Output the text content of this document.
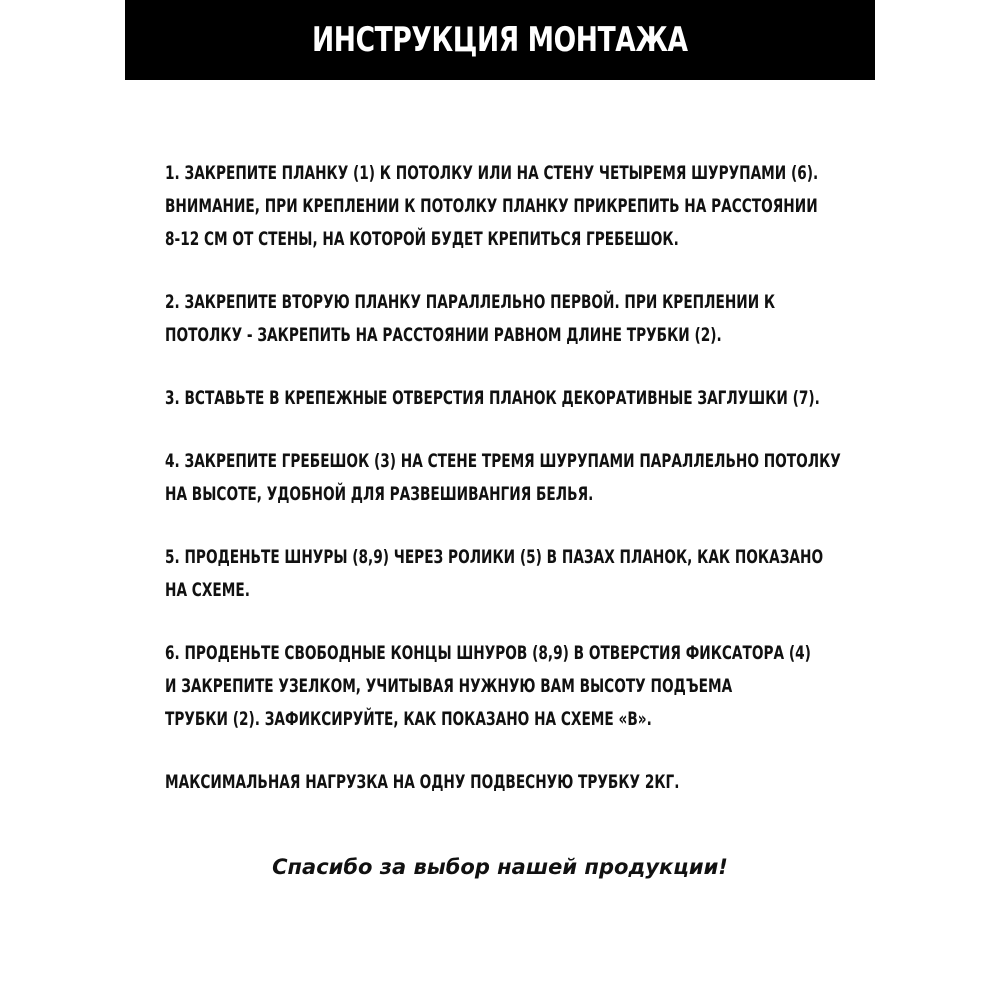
ИНСТРУКЦИЯ МОНТАЖА
1. ЗАКРЕПИТЕ ПЛАНКУ (1) К ПОТОЛКУ ИЛИ НА СТЕНУ ЧЕТЫРЕМЯ ШУРУПАМИ (6).
ВНИМАНИЕ, ПРИ КРЕПЛЕНИИ К ПОТОЛКУ ПЛАНКУ ПРИКРЕПИТЬ НА РАССТОЯНИИ
8-12 СМ ОТ СТЕНЫ, НА КОТОРОЙ БУДЕТ КРЕПИТЬСЯ ГРЕБЕШОК.
2. ЗАКРЕПИТЕ ВТОРУЮ ПЛАНКУ ПАРАЛЛЕЛЬНО ПЕРВОЙ. ПРИ КРЕПЛЕНИИ К
ПОТОЛКУ - ЗАКРЕПИТЬ НА РАССТОЯНИИ РАВНОМ ДЛИНЕ ТРУБКИ (2).
3. ВСТАВЬТЕ В КРЕПЕЖНЫЕ ОТВЕРСТИЯ ПЛАНОК ДЕКОРАТИВНЫЕ ЗАГЛУШКИ (7).
4. ЗАКРЕПИТЕ ГРЕБЕШОК (3) НА СТЕНЕ ТРЕМЯ ШУРУПАМИ ПАРАЛЛЕЛЬНО ПОТОЛКУ
НА ВЫСОТЕ, УДОБНОЙ ДЛЯ РАЗВЕШИВАНГИЯ БЕЛЬЯ.
5. ПРОДЕНЬТЕ ШНУРЫ (8,9) ЧЕРЕЗ РОЛИКИ (5) В ПАЗАХ ПЛАНОК, КАК ПОКАЗАНО
НА СХЕМЕ.
6. ПРОДЕНЬТЕ СВОБОДНЫЕ КОНЦЫ ШНУРОВ (8,9) В ОТВЕРСТИЯ ФИКСАТОРА (4)
И ЗАКРЕПИТЕ УЗЕЛКОМ, УЧИТЫВАЯ НУЖНУЮ ВАМ ВЫСОТУ ПОДЪЕМА
ТРУБКИ (2). ЗАФИКСИРУЙТЕ, КАК ПОКАЗАНО НА СХЕМЕ «В».
МАКСИМАЛЬНАЯ НАГРУЗКА НА ОДНУ ПОДВЕСНУЮ ТРУБКУ 2КГ.
Спасибо за выбор нашей продукции!
